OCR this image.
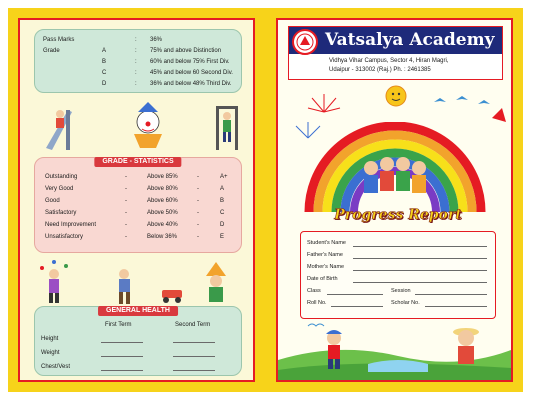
Pass Marks	: 36%
Grade	A	: 75% and above Distinction
B	: 60% and below 75% First Div.
C	: 45% and below 60 Second Div.
D	: 36% and below 48% Third Div.
GRADE - STATISTICS
Outstanding	-	Above 85%	-	A+
Very Good	-	Above 80%	-	A
Good	-	Above 60%	-	B
Satisfactory	-	Above 50%	-	C
Need Improvement	-	Above 40%	-	D
Unsatisfactory	-	Below 36%	-	E
GENERAL HEALTH
First Term	Second Term
Height
Weight
Chest/Vest
Vatsalya Academy
Vidhya Vihar Campus, Sector 4, Hiran Magri,
Udaipur - 313002 (Raj.) Ph. : 2461385
Progress Report
Student's Name
Father's Name
Mother's Name
Date of Birth
Class	Session
Roll No.	Scholar No.
